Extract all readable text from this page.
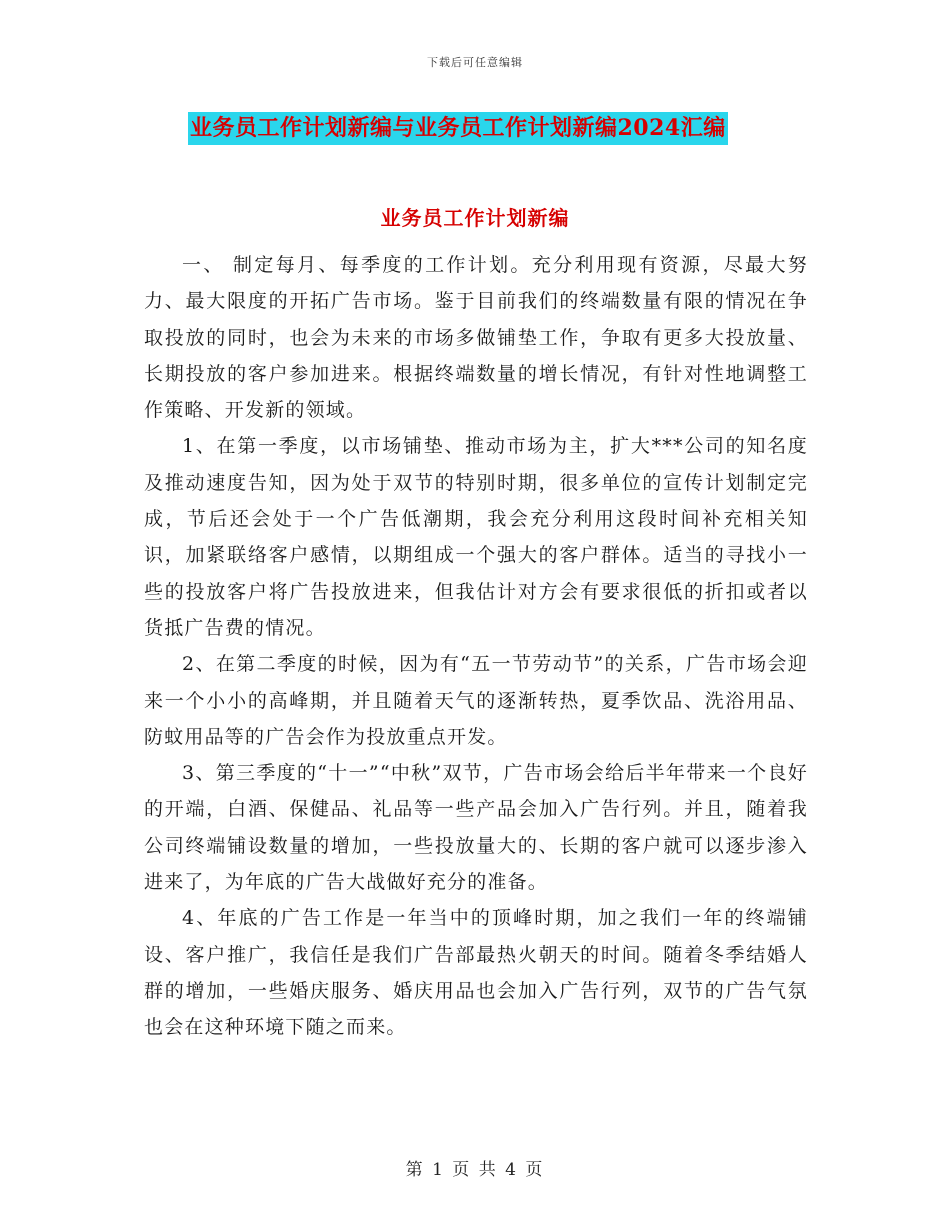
下载后可任意编辑
业务员工作计划新编与业务员工作计划新编2024汇编
业务员工作计划新编

一、 制定每月、每季度的工作计划。充分利用现有资源，尽最大努力、最大限度的开拓广告市场。鉴于目前我们的终端数量有限的情况在争取投放的同时，也会为未来的市场多做铺垫工作，争取有更多大投放量、长期投放的客户参加进来。根据终端数量的增长情况，有针对性地调整工作策略、开发新的领域。

1、在第一季度，以市场铺垫、推动市场为主，扩大***公司的知名度及推动速度告知，因为处于双节的特别时期，很多单位的宣传计划制定完成，节后还会处于一个广告低潮期，我会充分利用这段时间补充相关知识，加紧联络客户感情，以期组成一个强大的客户群体。适当的寻找小一些的投放客户将广告投放进来，但我估计对方会有要求很低的折扣或者以货抵广告费的情况。

2、在第二季度的时候，因为有“五一节劳动节”的关系，广告市场会迎来一个小小的高峰期，并且随着天气的逐渐转热，夏季饮品、洗浴用品、防蚊用品等的广告会作为投放重点开发。

3、第三季度的“十一”“中秋”双节，广告市场会给后半年带来一个良好的开端，白酒、保健品、礼品等一些产品会加入广告行列。并且，随着我公司终端铺设数量的增加，一些投放量大的、长期的客户就可以逐步渗入进来了，为年底的广告大战做好充分的准备。

4、年底的广告工作是一年当中的顶峰时期，加之我们一年的终端铺设、客户推广，我信任是我们广告部最热火朝天的时间。随着冬季结婚人群的增加，一些婚庆服务、婚庆用品也会加入广告行列，双节的广告气氛也会在这种环境下随之而来。

第 1 页 共 4 页
